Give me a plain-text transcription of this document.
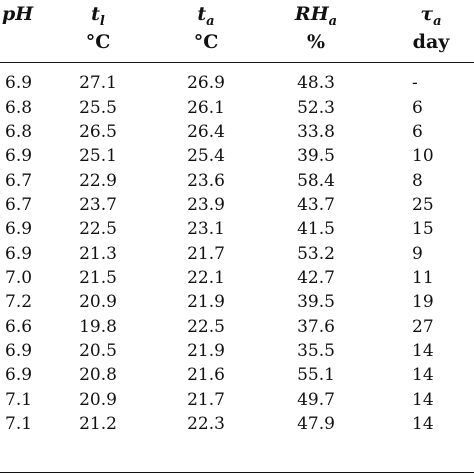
pH	$t_l$	$t_a$	$RH_a$	$\tau_a$
	°C	°C	%	day

6.9	27.1	26.9	48.3	-
6.8	25.5	26.1	52.3	6
6.8	26.5	26.4	33.8	6
6.9	25.1	25.4	39.5	10
6.7	22.9	23.6	58.4	8
6.7	23.7	23.9	43.7	25
6.9	22.5	23.1	41.5	15
6.9	21.3	21.7	53.2	9
7.0	21.5	22.1	42.7	11
7.2	20.9	21.9	39.5	19
6.6	19.8	22.5	37.6	27
6.9	20.5	21.9	35.5	14
6.9	20.8	21.6	55.1	14
7.1	20.9	21.7	49.7	14
7.1	21.2	22.3	47.9	14
